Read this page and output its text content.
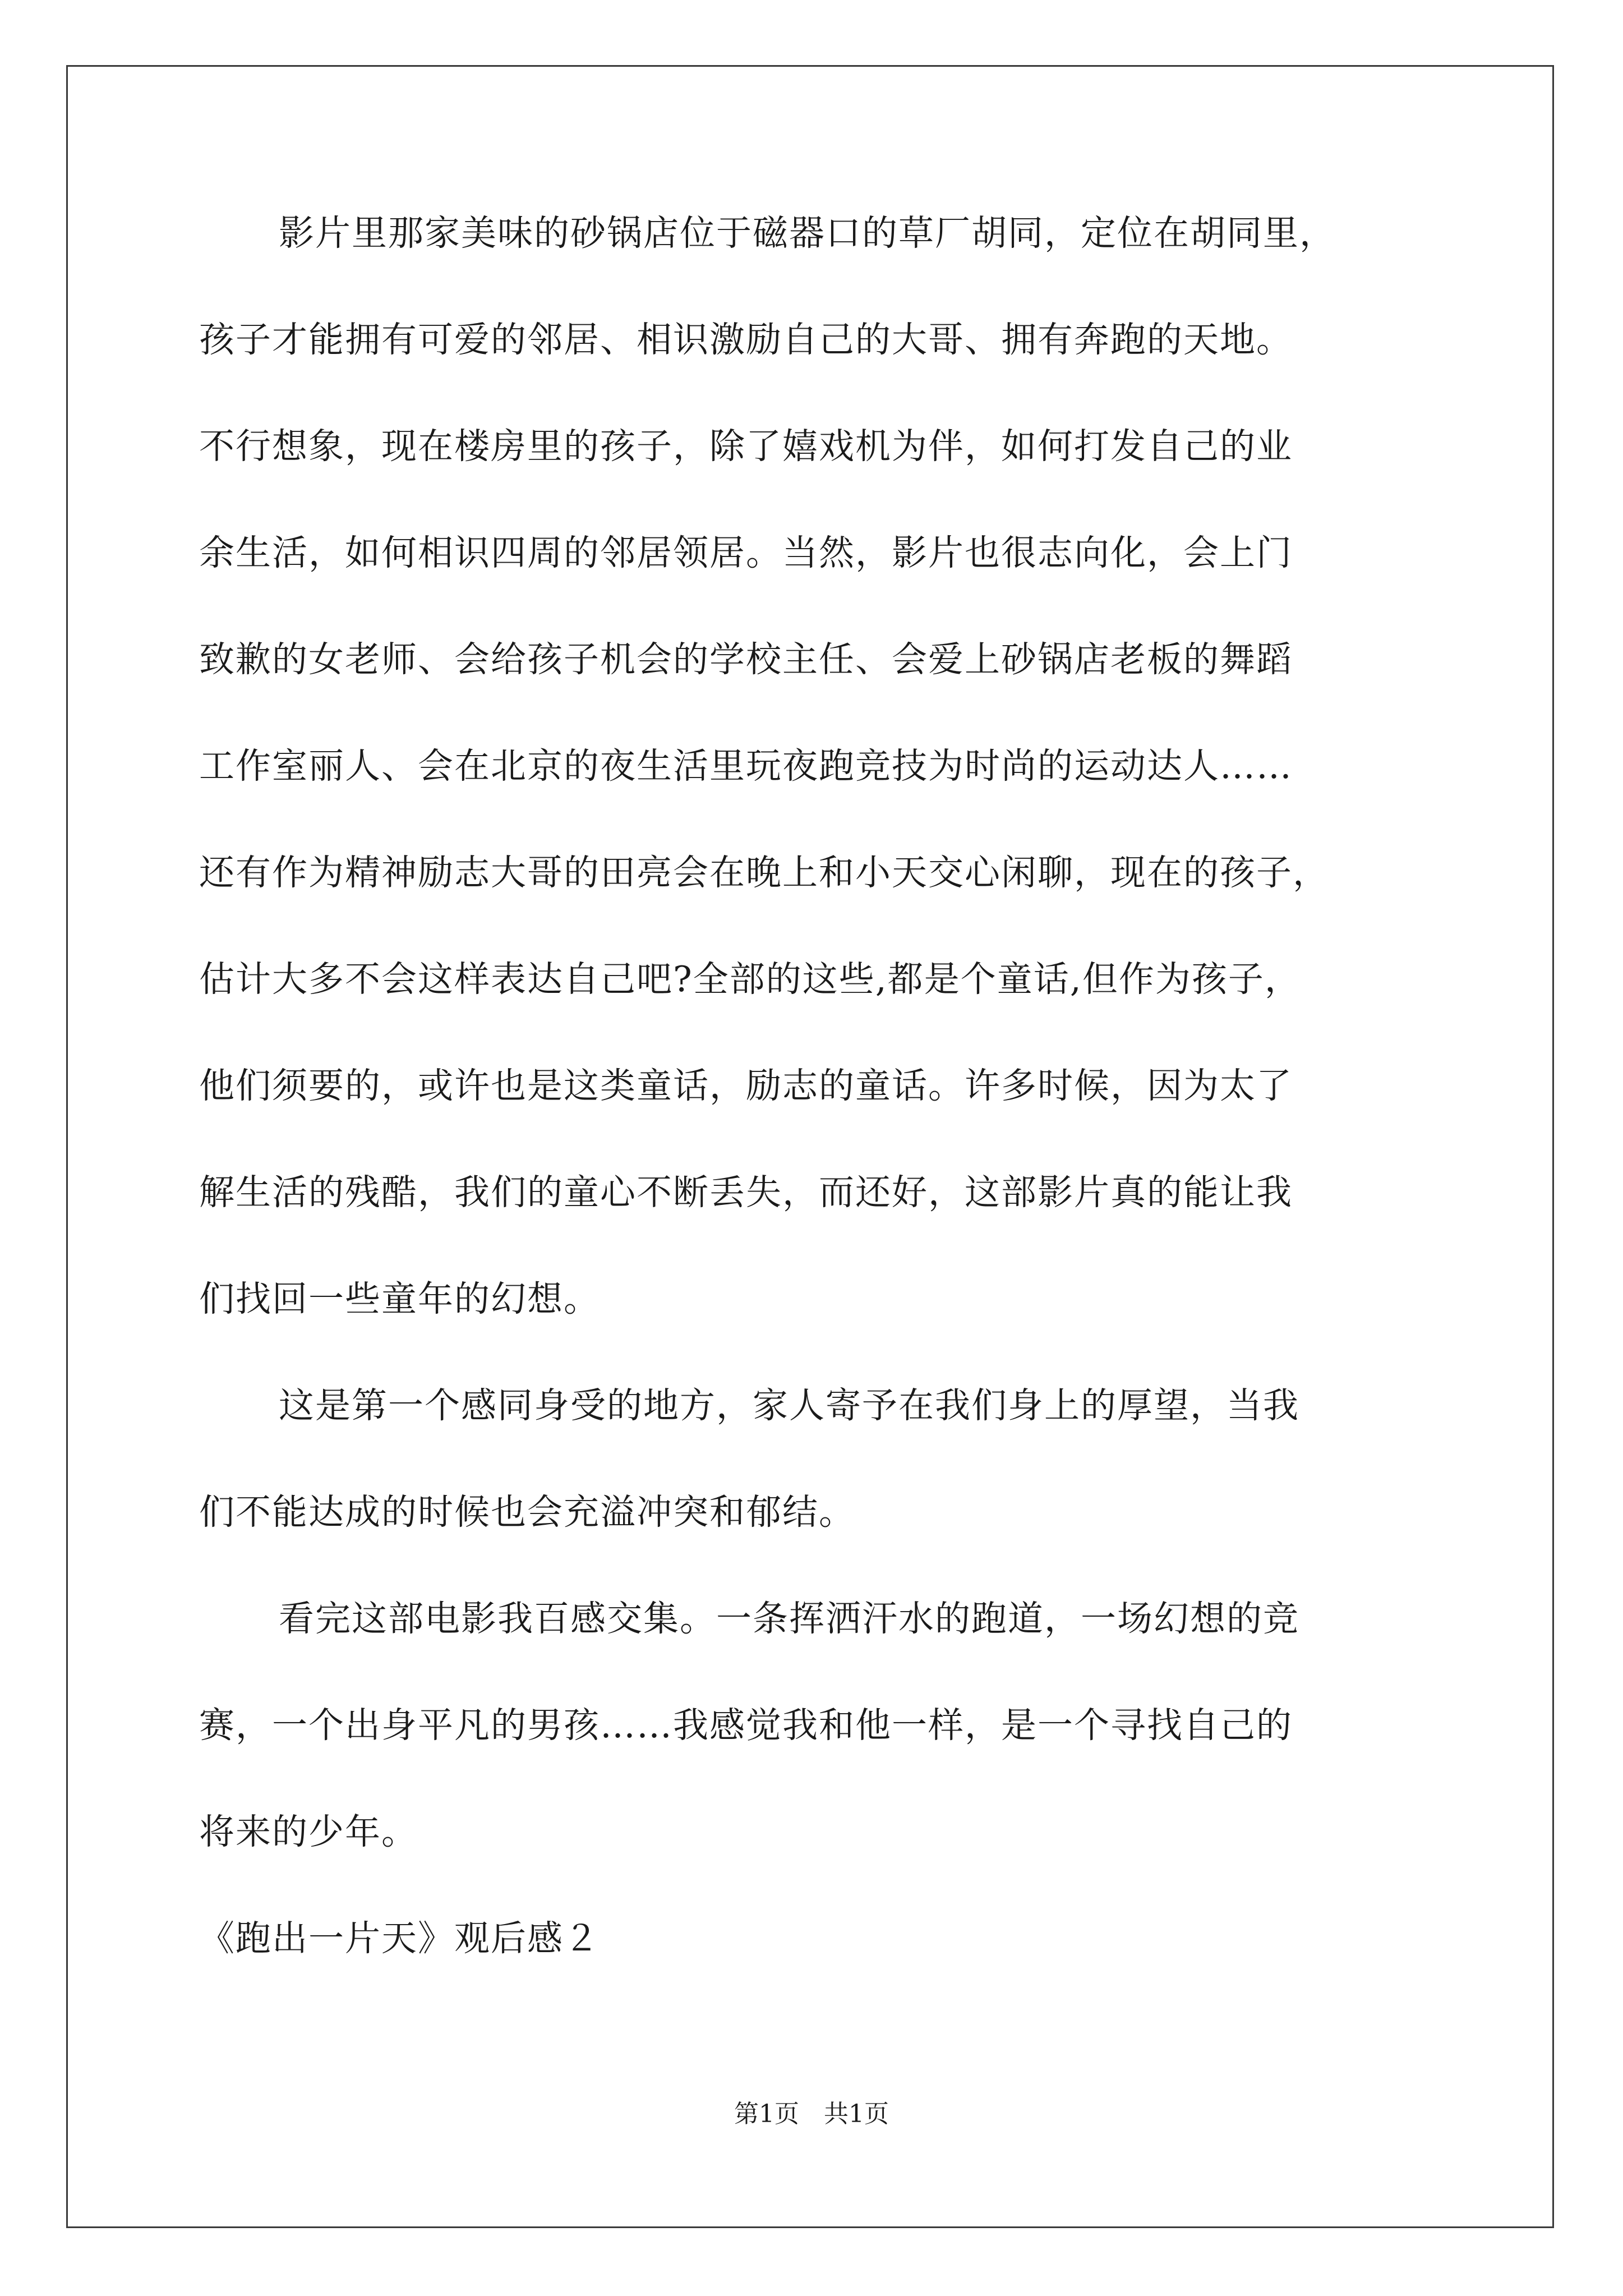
影片里那家美味的砂锅店位于磁器口的草厂胡同，定位在胡同里，
孩子才能拥有可爱的邻居、相识激励自己的大哥、拥有奔跑的天地。
不行想象，现在楼房里的孩子，除了嬉戏机为伴，如何打发自己的业
余生活，如何相识四周的邻居领居。当然，影片也很志向化，会上门
致歉的女老师、会给孩子机会的学校主任、会爱上砂锅店老板的舞蹈
工作室丽人、会在北京的夜生活里玩夜跑竞技为时尚的运动达人……
还有作为精神励志大哥的田亮会在晚上和小天交心闲聊，现在的孩子，
估计大多不会这样表达自己吧?全部的这些,都是个童话,但作为孩子，
他们须要的，或许也是这类童话，励志的童话。许多时候，因为太了
解生活的残酷，我们的童心不断丢失，而还好，这部影片真的能让我
们找回一些童年的幻想。
这是第一个感同身受的地方，家人寄予在我们身上的厚望，当我
们不能达成的时候也会充溢冲突和郁结。
看完这部电影我百感交集。一条挥洒汗水的跑道，一场幻想的竞
赛，一个出身平凡的男孩……我感觉我和他一样，是一个寻找自己的
将来的少年。
《跑出一片天》观后感２
第1页　共1页
